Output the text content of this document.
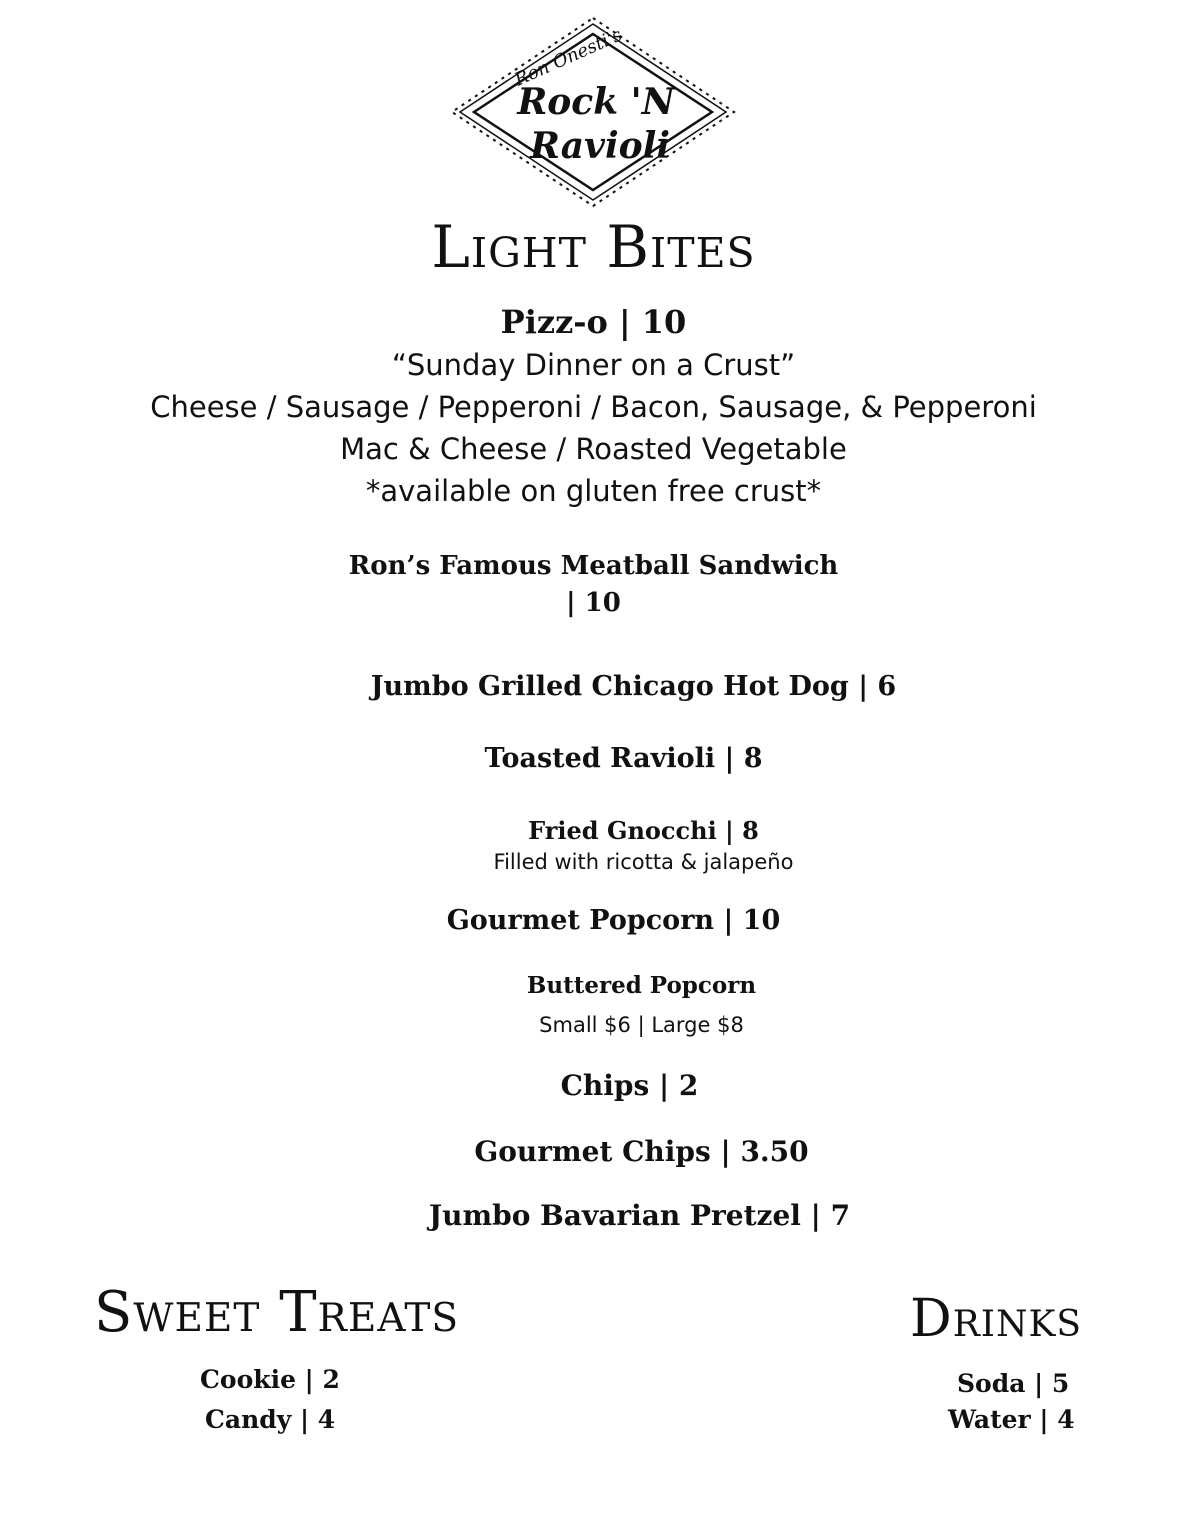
Ron Onesti's
Rock 'N
Ravioli
Light Bites
Pizz-o | 10
“Sunday Dinner on a Crust”
Cheese / Sausage / Pepperoni / Bacon, Sausage, & Pepperoni
Mac & Cheese / Roasted Vegetable
*available on gluten free crust*
Ron’s Famous Meatball Sandwich
| 10
Jumbo Grilled Chicago Hot Dog | 6
Toasted Ravioli | 8
Fried Gnocchi | 8
Filled with ricotta & jalapeño
Gourmet Popcorn | 10
Buttered Popcorn
Small $6 | Large $8
Chips | 2
Gourmet Chips | 3.50
Jumbo Bavarian Pretzel | 7
Sweet Treats
Cookie | 2
Candy | 4
Drinks
Soda | 5
Water | 4
